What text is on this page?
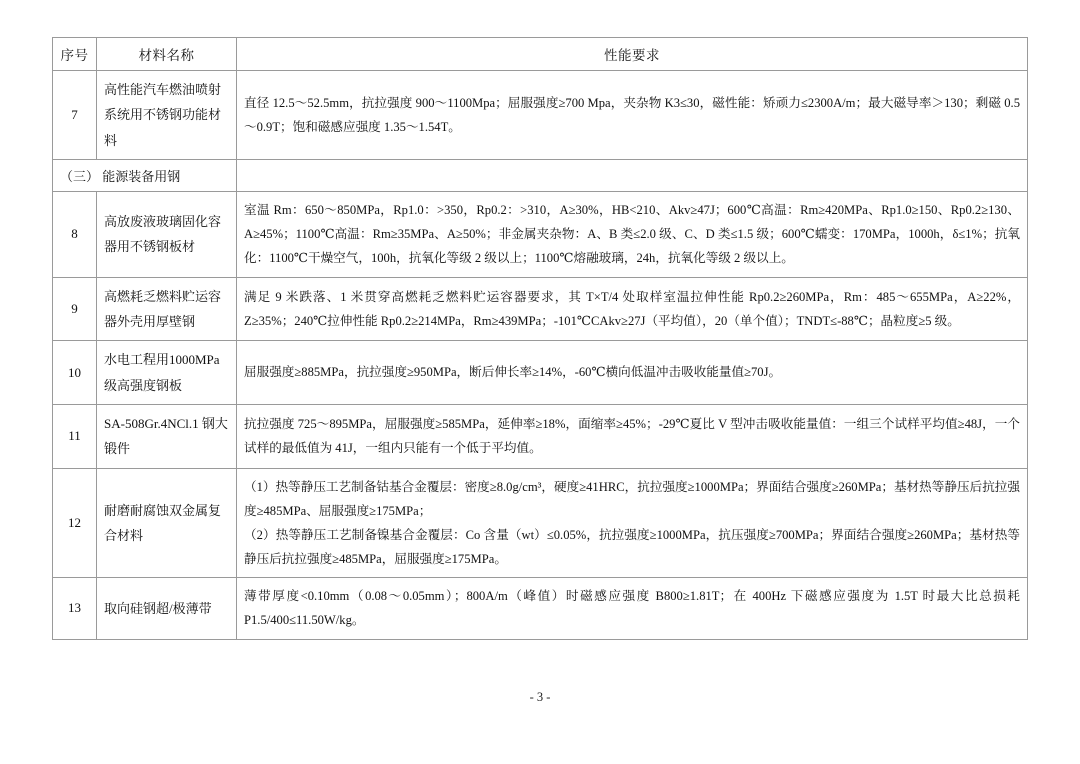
序号	材料名称	性能要求
7	高性能汽车燃油喷射系统用不锈钢功能材料	直径 12.5～52.5mm，抗拉强度 900～1100Mpa；屈服强度≥700 Mpa，夹杂物 K3≤30，磁性能：矫顽力≤2300A/m；最大磁导率＞130；剩磁 0.5～0.9T；饱和磁感应强度 1.35～1.54T。

（三） 能源装备用钢		
8	高放废液玻璃固化容器用不锈钢板材	室温 Rm：650～850MPa，Rp1.0：>350，Rp0.2：>310，A≥30%，HB<210、Akv≥47J；600℃高温：Rm≥420MPa、Rp1.0≥150、Rp0.2≥130、A≥45%；1100℃高温：Rm≥35MPa、A≥50%；非金属夹杂物：A、B 类≤2.0 级、C、D 类≤1.5 级；600℃蠕变：170MPa，1000h，δ≤1%；抗氧化：1100℃干燥空气，100h，抗氧化等级 2 级以上；1100℃熔融玻璃，24h，抗氧化等级 2 级以上。

9	高燃耗乏燃料贮运容器外壳用厚壁钢	满足 9 米跌落、1 米贯穿高燃耗乏燃料贮运容器要求，其 T×T/4 处取样室温拉伸性能 Rp0.2≥260MPa，Rm：485～655MPa，A≥22%，Z≥35%；240℃拉伸性能 Rp0.2≥214MPa，Rm≥439MPa；-101℃CAkv≥27J（平均值），20（单个值）；TNDT≤-88℃；晶粒度≥5 级。

10	水电工程用1000MPa 级高强度钢板	屈服强度≥885MPa，抗拉强度≥950MPa，断后伸长率≥14%，-60℃横向低温冲击吸收能量值≥70J。

11	SA-508Gr.4NCl.1 钢大锻件	抗拉强度 725～895MPa，屈服强度≥585MPa，延伸率≥18%，面缩率≥45%；-29℃夏比 V 型冲击吸收能量值：一组三个试样平均值≥48J，一个试样的最低值为 41J，一组内只能有一个低于平均值。

12	耐磨耐腐蚀双金属复合材料	（1）热等静压工艺制备钴基合金覆层：密度≥8.0g/cm³，硬度≥41HRC，抗拉强度≥1000MPa；界面结合强度≥260MPa；基材热等静压后抗拉强度≥485MPa、屈服强度≥175MPa；
（2）热等静压工艺制备镍基合金覆层：Co 含量（wt）≤0.05%，抗拉强度≥1000MPa，抗压强度≥700MPa；界面结合强度≥260MPa；基材热等静压后抗拉强度≥485MPa，屈服强度≥175MPa。

13	取向硅钢超/极薄带	薄带厚度<0.10mm（0.08～0.05mm）；800A/m（峰值）时磁感应强度 B800≥1.81T；在 400Hz 下磁感应强度为 1.5T 时最大比总损耗 P1.5/400≤11.50W/kg。
- 3 -
